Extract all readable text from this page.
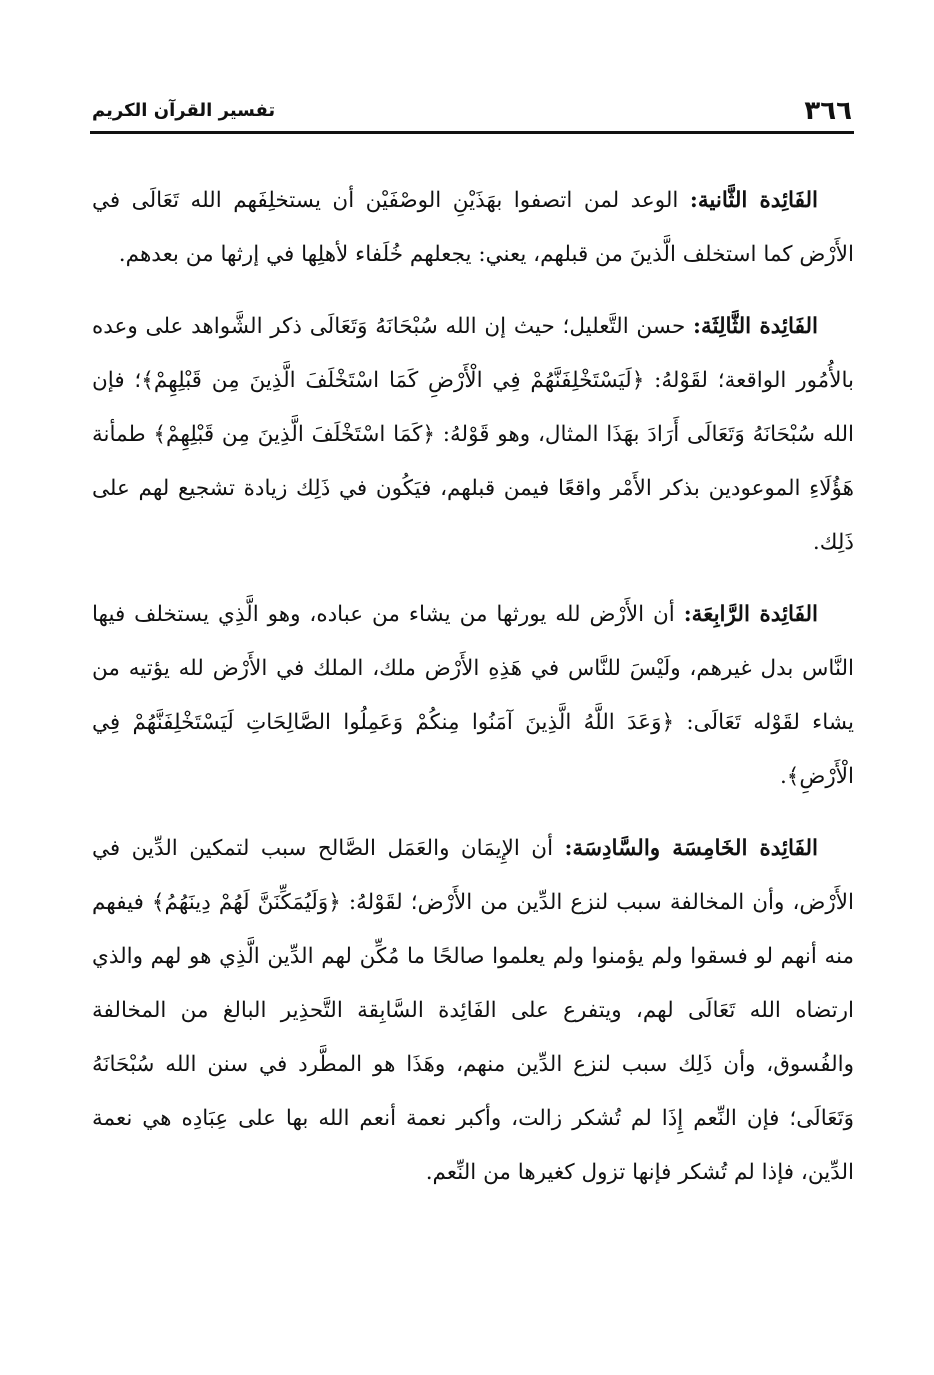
٣٦٦
تفسير القرآن الكريم

الفَائِدة الثَّانية: الوعد لمن اتصفوا بهَذَيْنِ الوصْفَيْن أن يستخلِفَهم الله تَعَالَى في الأَرْض كما استخلف الَّذينَ من قبلهم، يعني: يجعلهم خُلَفاء لأهلِها في إرثها من بعدهم.

الفَائِدة الثَّالِثَة: حسن التَّعليل؛ حيث إن الله سُبْحَانَهُ وَتَعَالَى ذكر الشَّواهد على وعده بالأُمُور الواقعة؛ لقَوْلهُ: ﴿لَيَسْتَخْلِفَنَّهُمْ فِي الْأَرْضِ كَمَا اسْتَخْلَفَ الَّذِينَ مِن قَبْلِهِمْ﴾؛ فإن الله سُبْحَانَهُ وَتَعَالَى أَرَادَ بهَذَا المثال، وهو قَوْلهُ: ﴿كَمَا اسْتَخْلَفَ الَّذِينَ مِن قَبْلِهِمْ﴾ طمأنة هَؤُلَاءِ الموعودين بذكر الأَمْر واقعًا فيمن قبلهم، فيَكُون في ذَلِك زيادة تشجيع لهم على ذَلِك.

الفَائِدة الرَّابِعَة: أن الأَرْض لله يورثها من يشاء من عباده، وهو الَّذِي يستخلف فيها النَّاس بدل غيرهم، ولَيْسَ للنَّاس في هَذِهِ الأَرْض ملك، الملك في الأَرْض لله يؤتيه من يشاء لقَوْله تَعَالَى: ﴿وَعَدَ اللَّهُ الَّذِينَ آمَنُوا مِنكُمْ وَعَمِلُوا الصَّالِحَاتِ لَيَسْتَخْلِفَنَّهُمْ فِي الْأَرْضِ﴾.

الفَائِدة الخَامِسَة والسَّادِسَة: أن الإِيمَان والعَمَل الصَّالح سبب لتمكين الدِّين في الأَرْض، وأن المخالفة سبب لنزع الدِّين من الأَرْض؛ لقَوْلهُ: ﴿وَلَيُمَكِّنَنَّ لَهُمْ دِينَهُمُ﴾ فيفهم منه أنهم لو فسقوا ولم يؤمنوا ولم يعلموا صالحًا ما مُكِّن لهم الدِّين الَّذِي هو لهم والذي ارتضاه الله تَعَالَى لهم، ويتفرع على الفَائِدة السَّابِقة التَّحذِير البالغ من المخالفة والفُسوق، وأن ذَلِك سبب لنزع الدِّين منهم، وهَذَا هو المطَّرد في سنن الله سُبْحَانَهُ وَتَعَالَى؛ فإن النِّعم إِذَا لم تُشكر زالت، وأكبر نعمة أنعم الله بها على عِبَادِه هي نعمة الدِّين، فإذا لم تُشكر فإنها تزول كغيرها من النِّعم.
